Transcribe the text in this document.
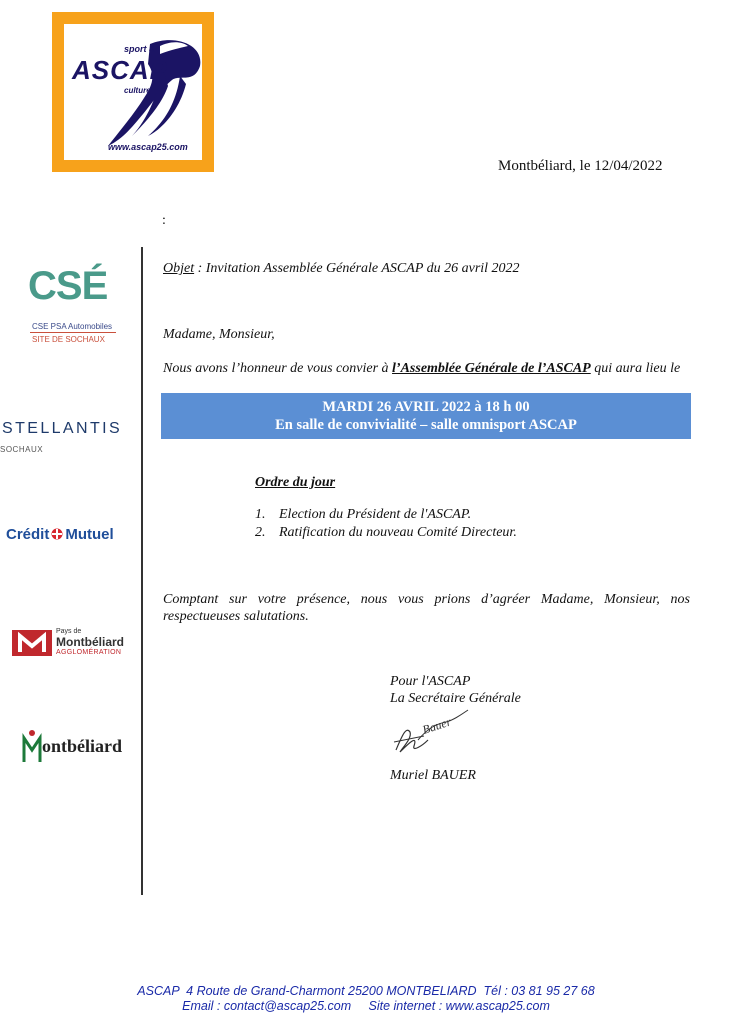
sport &
ASCAP
culture
www.ascap25.com
Montbéliard, le 12/04/2022
:
CSÉ
CSE PSA Automobiles
SITE DE SOCHAUX
STELLANTIS
SOCHAUX
Crédit Mutuel
Pays de
Montbéliard
AGGLOMÉRATION
ontbéliard
Objet : Invitation Assemblée Générale ASCAP du 26 avril 2022
Madame, Monsieur,
Nous avons l’honneur de vous convier à l’Assemblée Générale de l’ASCAP qui aura lieu le
MARDI 26 AVRIL 2022 à 18 h 00
En salle de convivialité – salle omnisport ASCAP
Ordre du jour
1. Election du Président de l'ASCAP.
2. Ratification du nouveau Comité Directeur.
Comptant sur votre présence, nous vous prions d’agréer Madame, Monsieur, nos respectueuses salutations.
Pour l'ASCAP
La Secrétaire Générale
Bauer
Muriel BAUER
ASCAP  4 Route de Grand-Charmont 25200 MONTBELIARD  Tél : 03 81 95 27 68
Email : contact@ascap25.com     Site internet : www.ascap25.com
